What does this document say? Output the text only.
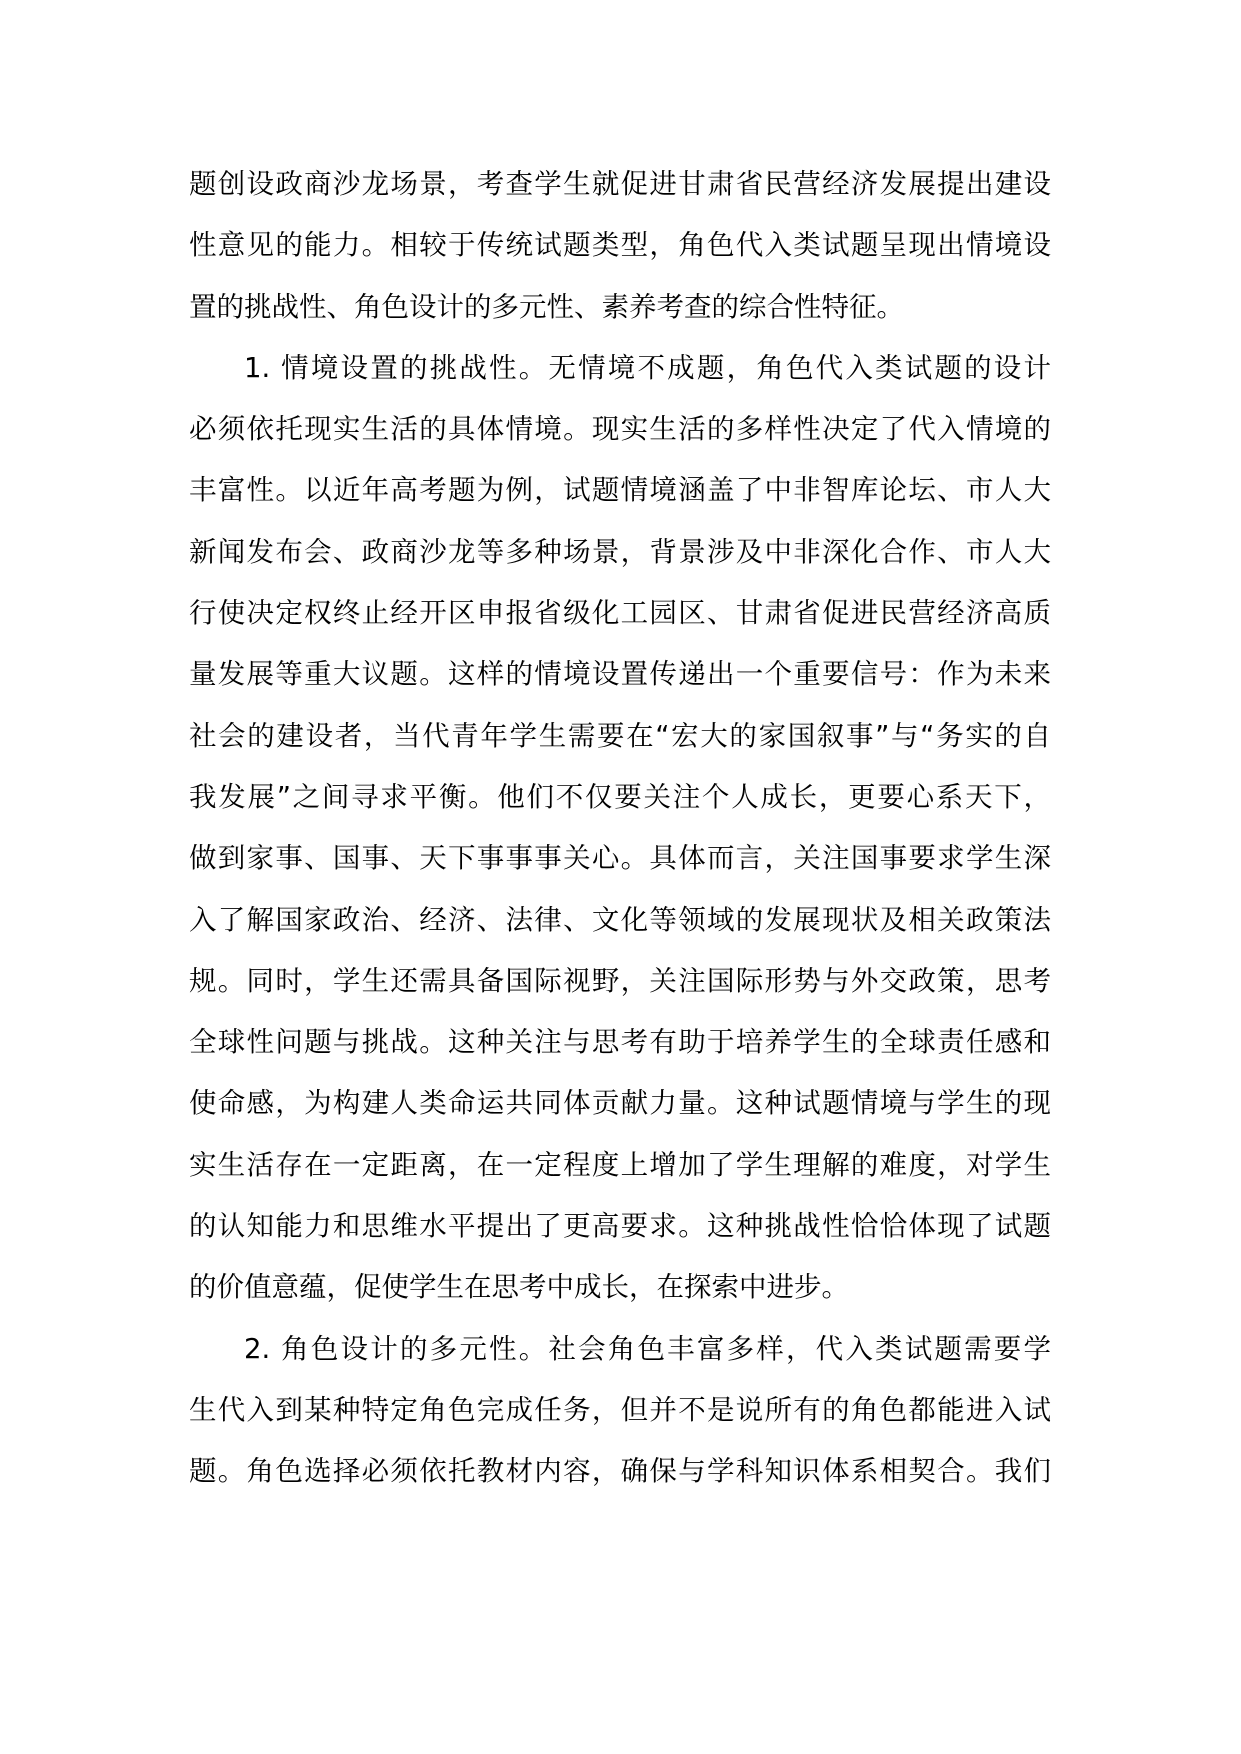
题创设政商沙龙场景，考查学生就促进甘肃省民营经济发展提出建设
性意见的能力。相较于传统试题类型，角色代入类试题呈现出情境设
置的挑战性、角色设计的多元性、素养考查的综合性特征。
1. 情境设置的挑战性。无情境不成题，角色代入类试题的设计
必须依托现实生活的具体情境。现实生活的多样性决定了代入情境的
丰富性。以近年高考题为例，试题情境涵盖了中非智库论坛、市人大
新闻发布会、政商沙龙等多种场景，背景涉及中非深化合作、市人大
行使决定权终止经开区申报省级化工园区、甘肃省促进民营经济高质
量发展等重大议题。这样的情境设置传递出一个重要信号：作为未来
社会的建设者，当代青年学生需要在“宏大的家国叙事”与“务实的自
我发展”之间寻求平衡。他们不仅要关注个人成长，更要心系天下，
做到家事、国事、天下事事事关心。具体而言，关注国事要求学生深
入了解国家政治、经济、法律、文化等领域的发展现状及相关政策法
规。同时，学生还需具备国际视野，关注国际形势与外交政策，思考
全球性问题与挑战。这种关注与思考有助于培养学生的全球责任感和
使命感，为构建人类命运共同体贡献力量。这种试题情境与学生的现
实生活存在一定距离，在一定程度上增加了学生理解的难度，对学生
的认知能力和思维水平提出了更高要求。这种挑战性恰恰体现了试题
的价值意蕴，促使学生在思考中成长，在探索中进步。
2. 角色设计的多元性。社会角色丰富多样，代入类试题需要学
生代入到某种特定角色完成任务，但并不是说所有的角色都能进入试
题。角色选择必须依托教材内容，确保与学科知识体系相契合。我们
